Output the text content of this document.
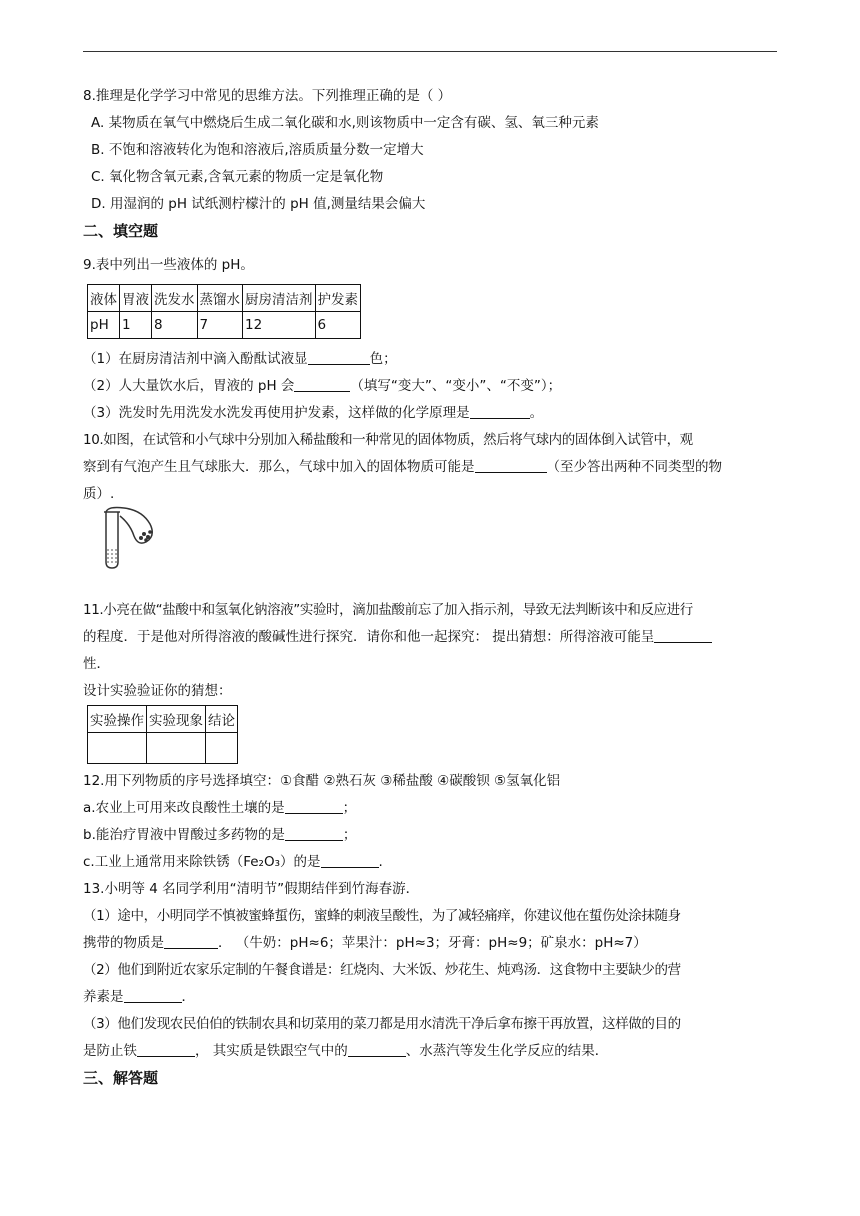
8.推理是化学学习中常见的思维方法。下列推理正确的是（ ）
A. 某物质在氧气中燃烧后生成二氧化碳和水,则该物质中一定含有碳、氢、氧三种元素
B. 不饱和溶液转化为饱和溶液后,溶质质量分数一定增大
C. 氧化物含氧元素,含氧元素的物质一定是氧化物
D. 用湿润的 pH 试纸测柠檬汁的 pH 值,测量结果会偏大
二、填空题
9.表中列出一些液体的 pH。
液体	胃液	洗发水	蒸馏水	厨房清洁剂	护发素
pH	1	8	7	12	6
（1）在厨房清洁剂中滴入酚酞试液显	色；
（2）人大量饮水后，胃液的 pH 会	（填写“变大”、“变小”、“不变”）；
（3）洗发时先用洗发水洗发再使用护发素，这样做的化学原理是	。
10.如图，在试管和小气球中分别加入稀盐酸和一种常见的固体物质，然后将气球内的固体倒入试管中，观
察到有气泡产生且气球胀大．那么，气球中加入的固体物质可能是	（至少答出两种不同类型的物
质）.
11.小亮在做“盐酸中和氢氧化钠溶液”实验时，滴加盐酸前忘了加入指示剂，导致无法判断该中和反应进行
的程度．于是他对所得溶液的酸碱性进行探究．请你和他一起探究： 提出猜想：所得溶液可能呈
性．
设计实验验证你的猜想：
实验操作	实验现象	结论

12.用下列物质的序号选择填空：①食醋 ②熟石灰 ③稀盐酸 ④碳酸钡 ⑤氢氧化铝
a.农业上可用来改良酸性土壤的是	；
b.能治疗胃液中胃酸过多药物的是	；
c.工业上通常用来除铁锈（Fe₂O₃）的是	.
13.小明等 4 名同学利用“清明节”假期结伴到竹海春游．
（1）途中，小明同学不慎被蜜蜂蜇伤，蜜蜂的刺液呈酸性，为了减轻痛痒，你建议他在蜇伤处涂抹随身
携带的物质是	． （牛奶：pH≈6；苹果汁：pH≈3；牙膏：pH≈9；矿泉水：pH≈7）
（2）他们到附近农家乐定制的午餐食谱是：红烧肉、大米饭、炒花生、炖鸡汤．这食物中主要缺少的营
养素是	．
（3）他们发现农民伯伯的铁制农具和切菜用的菜刀都是用水清洗干净后拿布擦干再放置，这样做的目的
是防止铁	， 其实质是铁跟空气中的	、水蒸汽等发生化学反应的结果．
三、解答题
